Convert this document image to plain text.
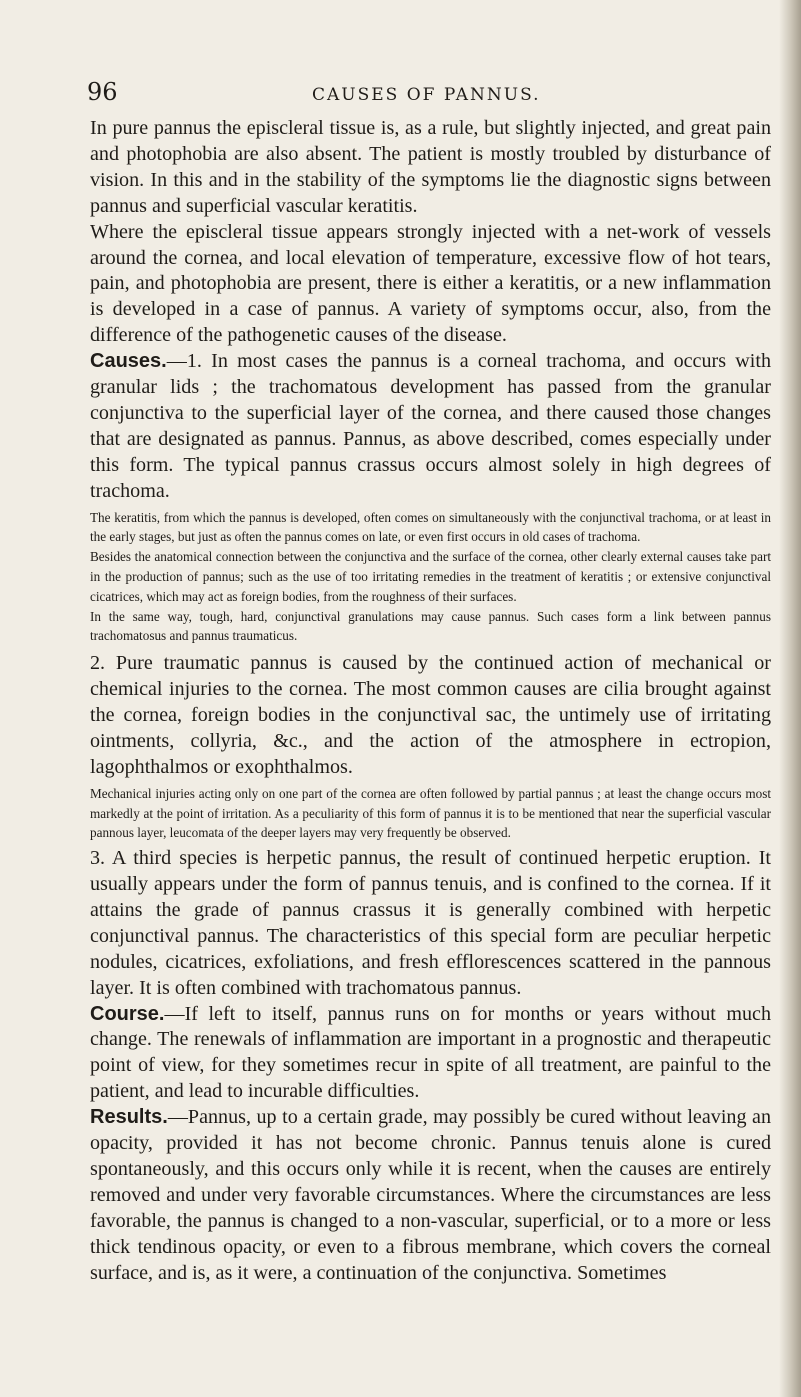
96	CAUSES OF PANNUS.

In pure pannus the episcleral tissue is, as a rule, but slightly injected, and great pain and photophobia are also absent. The patient is mostly troubled by disturbance of vision. In this and in the stability of the symptoms lie the diagnostic signs between pannus and superficial vascular keratitis.

Where the episcleral tissue appears strongly injected with a net-work of vessels around the cornea, and local elevation of temperature, excessive flow of hot tears, pain, and photophobia are present, there is either a keratitis, or a new inflammation is developed in a case of pannus. A variety of symptoms occur, also, from the difference of the pathogenetic causes of the disease.

Causes.—1. In most cases the pannus is a corneal trachoma, and occurs with granular lids ; the trachomatous development has passed from the granular conjunctiva to the superficial layer of the cornea, and there caused those changes that are designated as pannus. Pannus, as above described, comes especially under this form. The typical pannus crassus occurs almost solely in high degrees of trachoma.

The keratitis, from which the pannus is developed, often comes on simultaneously with the conjunctival trachoma, or at least in the early stages, but just as often the pannus comes on late, or even first occurs in old cases of trachoma.

Besides the anatomical connection between the conjunctiva and the surface of the cornea, other clearly external causes take part in the production of pannus; such as the use of too irritating remedies in the treatment of keratitis ; or extensive conjunctival cicatrices, which may act as foreign bodies, from the roughness of their surfaces.

In the same way, tough, hard, conjunctival granulations may cause pannus. Such cases form a link between pannus trachomatosus and pannus traumaticus.

2. Pure traumatic pannus is caused by the continued action of mechanical or chemical injuries to the cornea. The most common causes are cilia brought against the cornea, foreign bodies in the conjunctival sac, the untimely use of irritating ointments, collyria, &c., and the action of the atmosphere in ectropion, lagophthalmos or exophthalmos.

Mechanical injuries acting only on one part of the cornea are often followed by partial pannus ; at least the change occurs most markedly at the point of irritation. As a peculiarity of this form of pannus it is to be mentioned that near the superficial vascular pannous layer, leucomata of the deeper layers may very frequently be observed.

3. A third species is herpetic pannus, the result of continued herpetic eruption. It usually appears under the form of pannus tenuis, and is confined to the cornea. If it attains the grade of pannus crassus it is generally combined with herpetic conjunctival pannus. The characteristics of this special form are peculiar herpetic nodules, cicatrices, exfoliations, and fresh efflorescences scattered in the pannous layer. It is often combined with trachomatous pannus.

Course.—If left to itself, pannus runs on for months or years without much change. The renewals of inflammation are important in a prognostic and therapeutic point of view, for they sometimes recur in spite of all treatment, are painful to the patient, and lead to incurable difficulties.

Results.—Pannus, up to a certain grade, may possibly be cured without leaving an opacity, provided it has not become chronic. Pannus tenuis alone is cured spontaneously, and this occurs only while it is recent, when the causes are entirely removed and under very favorable circumstances. Where the circumstances are less favorable, the pannus is changed to a non-vascular, superficial, or to a more or less thick tendinous opacity, or even to a fibrous membrane, which covers the corneal surface, and is, as it were, a continuation of the conjunctiva. Sometimes
